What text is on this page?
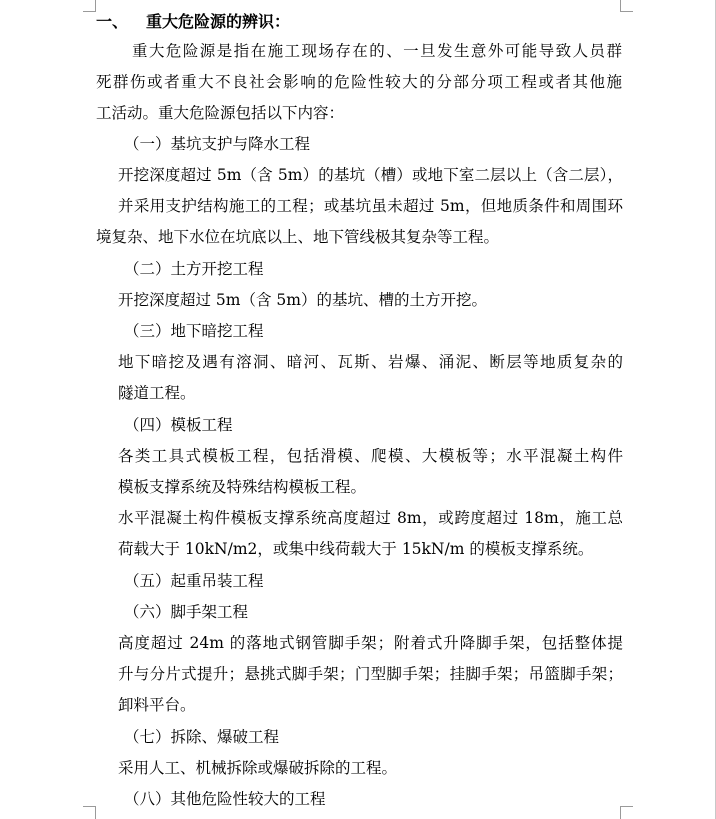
一、 重大危险源的辨识：
重大危险源是指在施工现场存在的、一旦发生意外可能导致人员群
死群伤或者重大不良社会影响的危险性较大的分部分项工程或者其他施
工活动。重大危险源包括以下内容：
（一）基坑支护与降水工程
开挖深度超过 5m（含 5m）的基坑（槽）或地下室二层以上（含二层），
并采用支护结构施工的工程；或基坑虽未超过 5m，但地质条件和周围环
境复杂、地下水位在坑底以上、地下管线极其复杂等工程。
（二）土方开挖工程
开挖深度超过 5m（含 5m）的基坑、槽的土方开挖。
（三）地下暗挖工程
地下暗挖及遇有溶洞、暗河、瓦斯、岩爆、涌泥、断层等地质复杂的
隧道工程。
（四）模板工程
各类工具式模板工程，包括滑模、爬模、大模板等；水平混凝土构件
模板支撑系统及特殊结构模板工程。
水平混凝土构件模板支撑系统高度超过 8m，或跨度超过 18m，施工总
荷载大于 10kN/m2，或集中线荷载大于 15kN/m 的模板支撑系统。
（五）起重吊装工程
（六）脚手架工程
高度超过 24m 的落地式钢管脚手架；附着式升降脚手架，包括整体提
升与分片式提升；悬挑式脚手架；门型脚手架；挂脚手架；吊篮脚手架；
卸料平台。
（七）拆除、爆破工程
采用人工、机械拆除或爆破拆除的工程。
（八）其他危险性较大的工程
